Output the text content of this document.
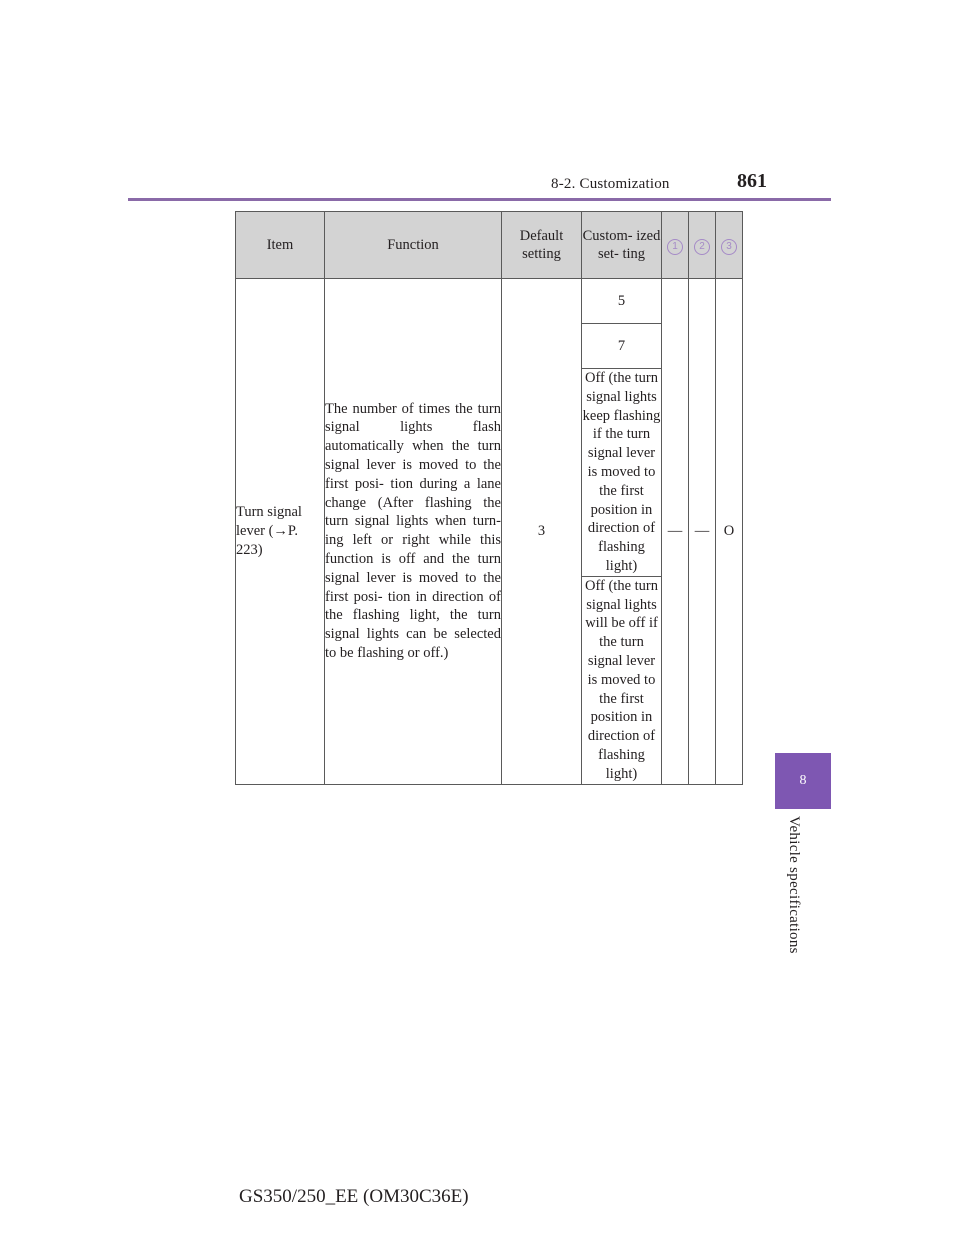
8-2. Customization	861
8
Vehicle specifications
Item	Function	Default setting	Custom- ized set- ting	1	2	3
Turn signal lever (→P. 223)	The number of times the turn signal lights flash automatically when the turn signal lever is moved to the first posi- tion during a lane change (After flashing the turn signal lights when turn- ing left or right while this function is off and the turn signal lever is moved to the first posi- tion in direction of the flashing light, the turn signal lights can be selected to be flashing or off.)	3	5	—	—	O
			7			
			Off (the turn signal lights keep flashing if the turn signal lever is moved to the first position in direction of flashing light)			
			Off (the turn signal lights will be off if the turn signal lever is moved to the first position in direction of flashing light)			
GS350/250_EE (OM30C36E)
